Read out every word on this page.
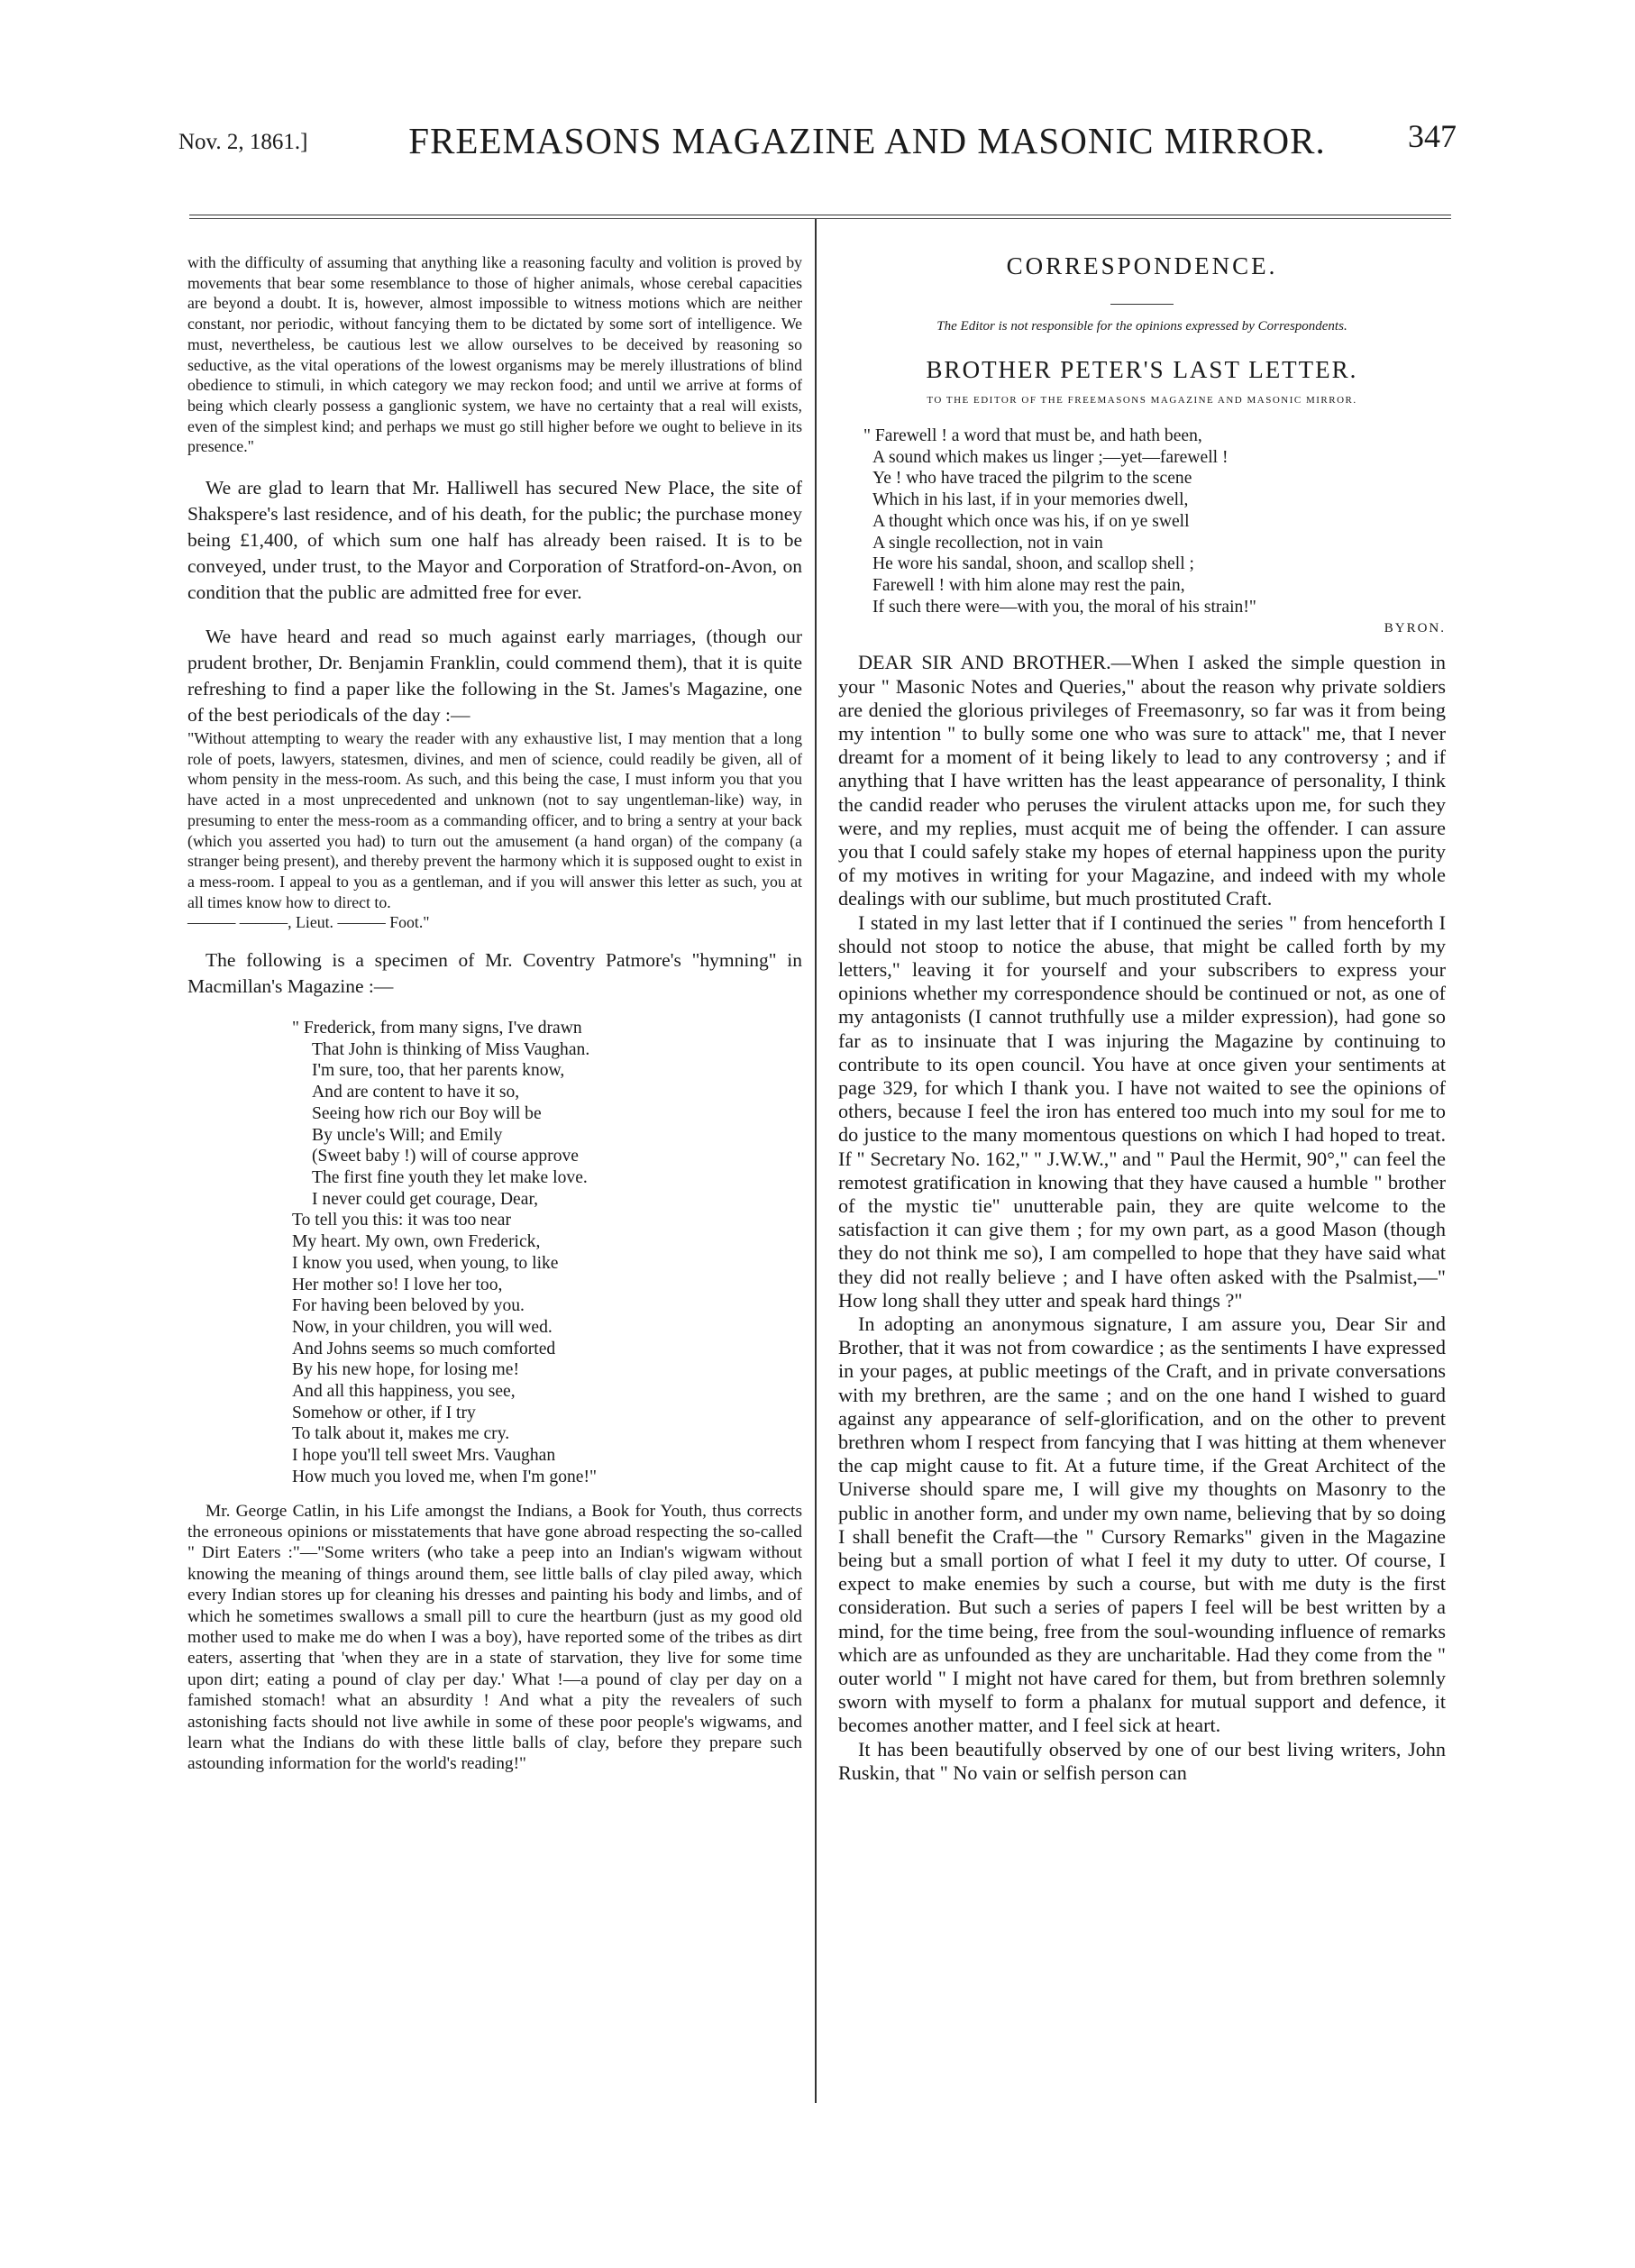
Nov. 2, 1861.]	FREEMASONS MAGAZINE AND MASONIC MIRROR.	347

with the difficulty of assuming that anything like a reasoning faculty and volition is proved by movements that bear some resemblance to those of higher animals, whose cerebal capacities are beyond a doubt. It is, however, almost impossible to witness motions which are neither constant, nor periodic, without fancying them to be dictated by some sort of intelligence. We must, nevertheless, be cautious lest we allow ourselves to be deceived by reasoning so seductive, as the vital operations of the lowest organisms may be merely illustrations of blind obedience to stimuli, in which category we may reckon food; and until we arrive at forms of being which clearly possess a ganglionic system, we have no certainty that a real will exists, even of the simplest kind; and perhaps we must go still higher before we ought to believe in its presence."

We are glad to learn that Mr. Halliwell has secured New Place, the site of Shakspere's last residence, and of his death, for the public; the purchase money being £1,400, of which sum one half has already been raised. It is to be conveyed, under trust, to the Mayor and Corporation of Stratford-on-Avon, on condition that the public are admitted free for ever.

We have heard and read so much against early marriages, (though our prudent brother, Dr. Benjamin Franklin, could commend them), that it is quite refreshing to find a paper like the following in the St. James's Magazine, one of the best periodicals of the day :—

"Without attempting to weary the reader with any exhaustive list, I may mention that a long role of poets, lawyers, statesmen, divines, and men of science, could readily be given, all of whom pensity in the mess-room. As such, and this being the case, I must inform you that you have acted in a most unprecedented and unknown (not to say ungentleman-like) way, in presuming to enter the mess-room as a commanding officer, and to bring a sentry at your back (which you asserted you had) to turn out the amusement (a hand organ) of the company (a stranger being present), and thereby prevent the harmony which it is supposed ought to exist in a mess-room. I appeal to you as a gentleman, and if you will answer this letter as such, you at all times know how to direct to.

——— ———, Lieut. ——— Foot."

The following is a specimen of Mr. Coventry Patmore's "hymning" in Macmillan's Magazine :—

" Frederick, from many signs, I've drawn
That John is thinking of Miss Vaughan.
I'm sure, too, that her parents know,
And are content to have it so,
Seeing how rich our Boy will be
By uncle's Will; and Emily
(Sweet baby !) will of course approve
The first fine youth they let make love.
I never could get courage, Dear,
To tell you this: it was too near
My heart. My own, own Frederick,
I know you used, when young, to like
Her mother so! I love her too,
For having been beloved by you.
Now, in your children, you will wed.
And Johns seems so much comforted
By his new hope, for losing me!
And all this happiness, you see,
Somehow or other, if I try
To talk about it, makes me cry.
I hope you'll tell sweet Mrs. Vaughan
How much you loved me, when I'm gone!"

Mr. George Catlin, in his Life amongst the Indians, a Book for Youth, thus corrects the erroneous opinions or misstatements that have gone abroad respecting the so-called " Dirt Eaters :"—"Some writers (who take a peep into an Indian's wigwam without knowing the meaning of things around them, see little balls of clay piled away, which every Indian stores up for cleaning his dresses and painting his body and limbs, and of which he sometimes swallows a small pill to cure the heartburn (just as my good old mother used to make me do when I was a boy), have reported some of the tribes as dirt eaters, asserting that 'when they are in a state of starvation, they live for some time upon dirt; eating a pound of clay per day.' What !—a pound of clay per day on a famished stomach! what an absurdity ! And what a pity the revealers of such astonishing facts should not live awhile in some of these poor people's wigwams, and learn what the Indians do with these little balls of clay, before they prepare such astounding information for the world's reading!"

CORRESPONDENCE.
The Editor is not responsible for the opinions expressed by Correspondents.
BROTHER PETER'S LAST LETTER.
TO THE EDITOR OF THE FREEMASONS MAGAZINE AND MASONIC MIRROR.
" Farewell ! a word that must be, and hath been,
A sound which makes us linger ;—yet—farewell !
Ye ! who have traced the pilgrim to the scene
Which in his last, if in your memories dwell,
A thought which once was his, if on ye swell
A single recollection, not in vain
He wore his sandal, shoon, and scallop shell ;
Farewell ! with him alone may rest the pain,
If such there were—with you, the moral of his strain!"
BYRON.

DEAR SIR AND BROTHER.—When I asked the simple question in your " Masonic Notes and Queries," about the reason why private soldiers are denied the glorious privileges of Freemasonry, so far was it from being my intention " to bully some one who was sure to attack" me, that I never dreamt for a moment of it being likely to lead to any controversy ; and if anything that I have written has the least appearance of personality, I think the candid reader who peruses the virulent attacks upon me, for such they were, and my replies, must acquit me of being the offender. I can assure you that I could safely stake my hopes of eternal happiness upon the purity of my motives in writing for your Magazine, and indeed with my whole dealings with our sublime, but much prostituted Craft.

I stated in my last letter that if I continued the series " from henceforth I should not stoop to notice the abuse, that might be called forth by my letters," leaving it for yourself and your subscribers to express your opinions whether my correspondence should be continued or not, as one of my antagonists (I cannot truthfully use a milder expression), had gone so far as to insinuate that I was injuring the Magazine by continuing to contribute to its open council. You have at once given your sentiments at page 329, for which I thank you. I have not waited to see the opinions of others, because I feel the iron has entered too much into my soul for me to do justice to the many momentous questions on which I had hoped to treat. If " Secretary No. 162," " J.W.W.," and " Paul the Hermit, 90°," can feel the remotest gratification in knowing that they have caused a humble " brother of the mystic tie" unutterable pain, they are quite welcome to the satisfaction it can give them ; for my own part, as a good Mason (though they do not think me so), I am compelled to hope that they have said what they did not really believe ; and I have often asked with the Psalmist,—" How long shall they utter and speak hard things ?"

In adopting an anonymous signature, I am assure you, Dear Sir and Brother, that it was not from cowardice ; as the sentiments I have expressed in your pages, at public meetings of the Craft, and in private conversations with my brethren, are the same ; and on the one hand I wished to guard against any appearance of self-glorification, and on the other to prevent brethren whom I respect from fancying that I was hitting at them whenever the cap might cause to fit. At a future time, if the Great Architect of the Universe should spare me, I will give my thoughts on Masonry to the public in another form, and under my own name, believing that by so doing I shall benefit the Craft—the " Cursory Remarks" given in the Magazine being but a small portion of what I feel it my duty to utter. Of course, I expect to make enemies by such a course, but with me duty is the first consideration. But such a series of papers I feel will be best written by a mind, for the time being, free from the soul-wounding influence of remarks which are as unfounded as they are uncharitable. Had they come from the " outer world " I might not have cared for them, but from brethren solemnly sworn with myself to form a phalanx for mutual support and defence, it becomes another matter, and I feel sick at heart.

It has been beautifully observed by one of our best living writers, John Ruskin, that " No vain or selfish person can
